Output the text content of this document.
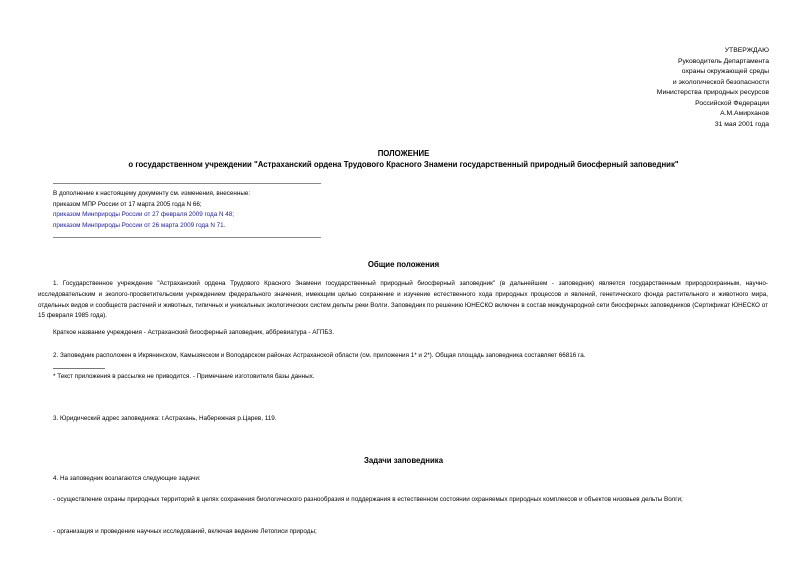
УТВЕРЖДАЮ
Руководитель Департамента
охраны окружающей среды
и экологической безопасности
Министерства природных ресурсов
Российской Федерации
А.М.Амирханов
31 мая 2001 года
ПОЛОЖЕНИЕ
о государственном учреждении "Астраханский ордена Трудового Красного Знамени государственный природный биосферный заповедник"
В дополнение к настоящему документу см. изменения, внесенные:
приказом МПР России от 17 марта 2005 года N 66;
приказом Минприроды России от 27 февраля 2009 года N 48;
приказом Минприроды России от 26 марта 2009 года N 71.
Общие положения
1. Государственное учреждение "Астраханский ордена Трудового Красного Знамени государственный природный биосферный заповедник" (в дальнейшем - заповедник) является государственным природоохранным, научно-исследовательским и эколого-просветительским учреждением федерального значения, имеющим целью сохранение и изучение естественного хода природных процессов и явлений, генетического фонда растительного и животного мира, отдельных видов и сообществ растений и животных, типичных и уникальных экологических систем дельты реки Волги. Заповедник по решению ЮНЕСКО включен в состав международной сети биосферных заповедников (Сертификат ЮНЕСКО от 15 февраля 1985 года).
Краткое название учреждения - Астраханский биосферный заповедник, аббревиатура - АГПБЗ.
2. Заповедник расположен в Икрянинском, Камызякском и Володарском районах Астраханской области (см. приложения 1* и 2*). Общая площадь заповедника составляет 66816 га.
* Текст приложения в рассылке не приводится. - Примечание изготовителя базы данных.
3. Юридический адрес заповедника: г.Астрахань, Набережная р.Царев, 119.
Задачи заповедника
4. На заповедник возлагаются следующие задачи:
- осуществление охраны природных территорий в целях сохранения биологического разнообразия и поддержания в естественном состоянии охраняемых природных комплексов и объектов низовьев дельты Волги;
- организация и проведение научных исследований, включая ведение Летописи природы;
